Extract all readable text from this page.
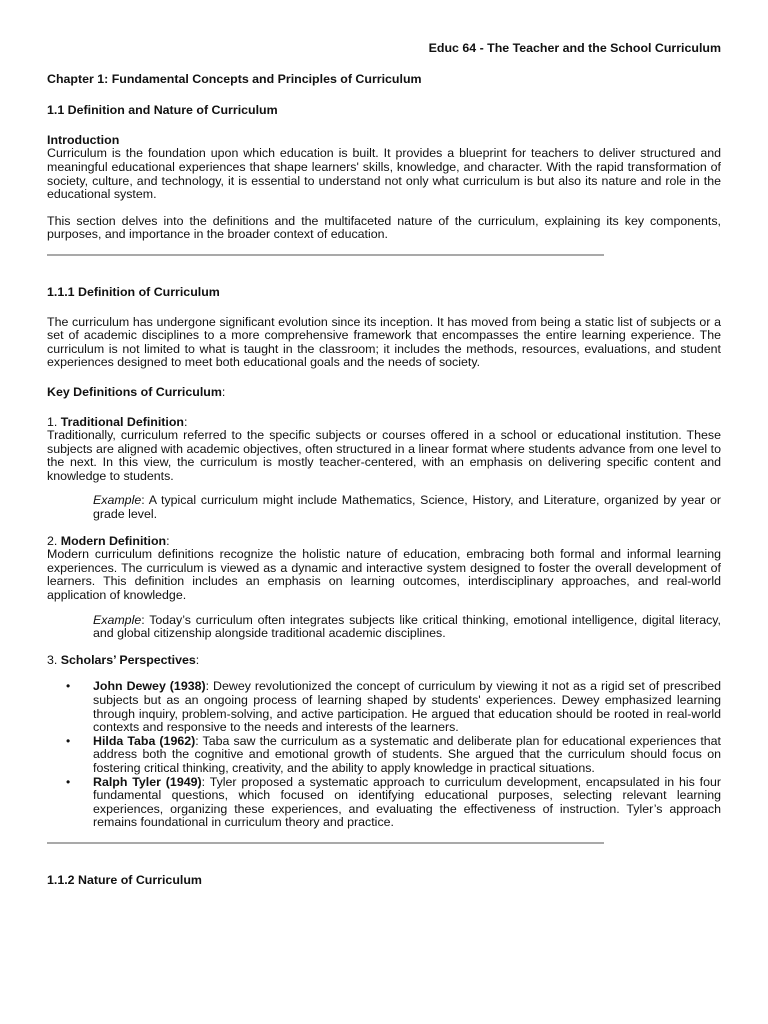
Educ 64 - The Teacher and the School Curriculum
Chapter 1: Fundamental Concepts and Principles of Curriculum
1.1 Definition and Nature of Curriculum
Introduction

Curriculum is the foundation upon which education is built. It provides a blueprint for teachers to deliver structured and meaningful educational experiences that shape learners' skills, knowledge, and character. With the rapid transformation of society, culture, and technology, it is essential to understand not only what curriculum is but also its nature and role in the educational system.

This section delves into the definitions and the multifaceted nature of the curriculum, explaining its key components, purposes, and importance in the broader context of education.

1.1.1 Definition of Curriculum

The curriculum has undergone significant evolution since its inception. It has moved from being a static list of subjects or a set of academic disciplines to a more comprehensive framework that encompasses the entire learning experience. The curriculum is not limited to what is taught in the classroom; it includes the methods, resources, evaluations, and student experiences designed to meet both educational goals and the needs of society.

Key Definitions of Curriculum:
1. Traditional Definition:

Traditionally, curriculum referred to the specific subjects or courses offered in a school or educational institution. These subjects are aligned with academic objectives, often structured in a linear format where students advance from one level to the next. In this view, the curriculum is mostly teacher-centered, with an emphasis on delivering specific content and knowledge to students.

Example: A typical curriculum might include Mathematics, Science, History, and Literature, organized by year or grade level.
2. Modern Definition:

Modern curriculum definitions recognize the holistic nature of education, embracing both formal and informal learning experiences. The curriculum is viewed as a dynamic and interactive system designed to foster the overall development of learners. This definition includes an emphasis on learning outcomes, interdisciplinary approaches, and real-world application of knowledge.

Example: Today’s curriculum often integrates subjects like critical thinking, emotional intelligence, digital literacy, and global citizenship alongside traditional academic disciplines.
3. Scholars’ Perspectives:
• John Dewey (1938): Dewey revolutionized the concept of curriculum by viewing it not as a rigid set of prescribed subjects but as an ongoing process of learning shaped by students' experiences. Dewey emphasized learning through inquiry, problem-solving, and active participation. He argued that education should be rooted in real-world contexts and responsive to the needs and interests of the learners.
• Hilda Taba (1962): Taba saw the curriculum as a systematic and deliberate plan for educational experiences that address both the cognitive and emotional growth of students. She argued that the curriculum should focus on fostering critical thinking, creativity, and the ability to apply knowledge in practical situations.
• Ralph Tyler (1949): Tyler proposed a systematic approach to curriculum development, encapsulated in his four fundamental questions, which focused on identifying educational purposes, selecting relevant learning experiences, organizing these experiences, and evaluating the effectiveness of instruction. Tyler’s approach remains foundational in curriculum theory and practice.
1.1.2 Nature of Curriculum
